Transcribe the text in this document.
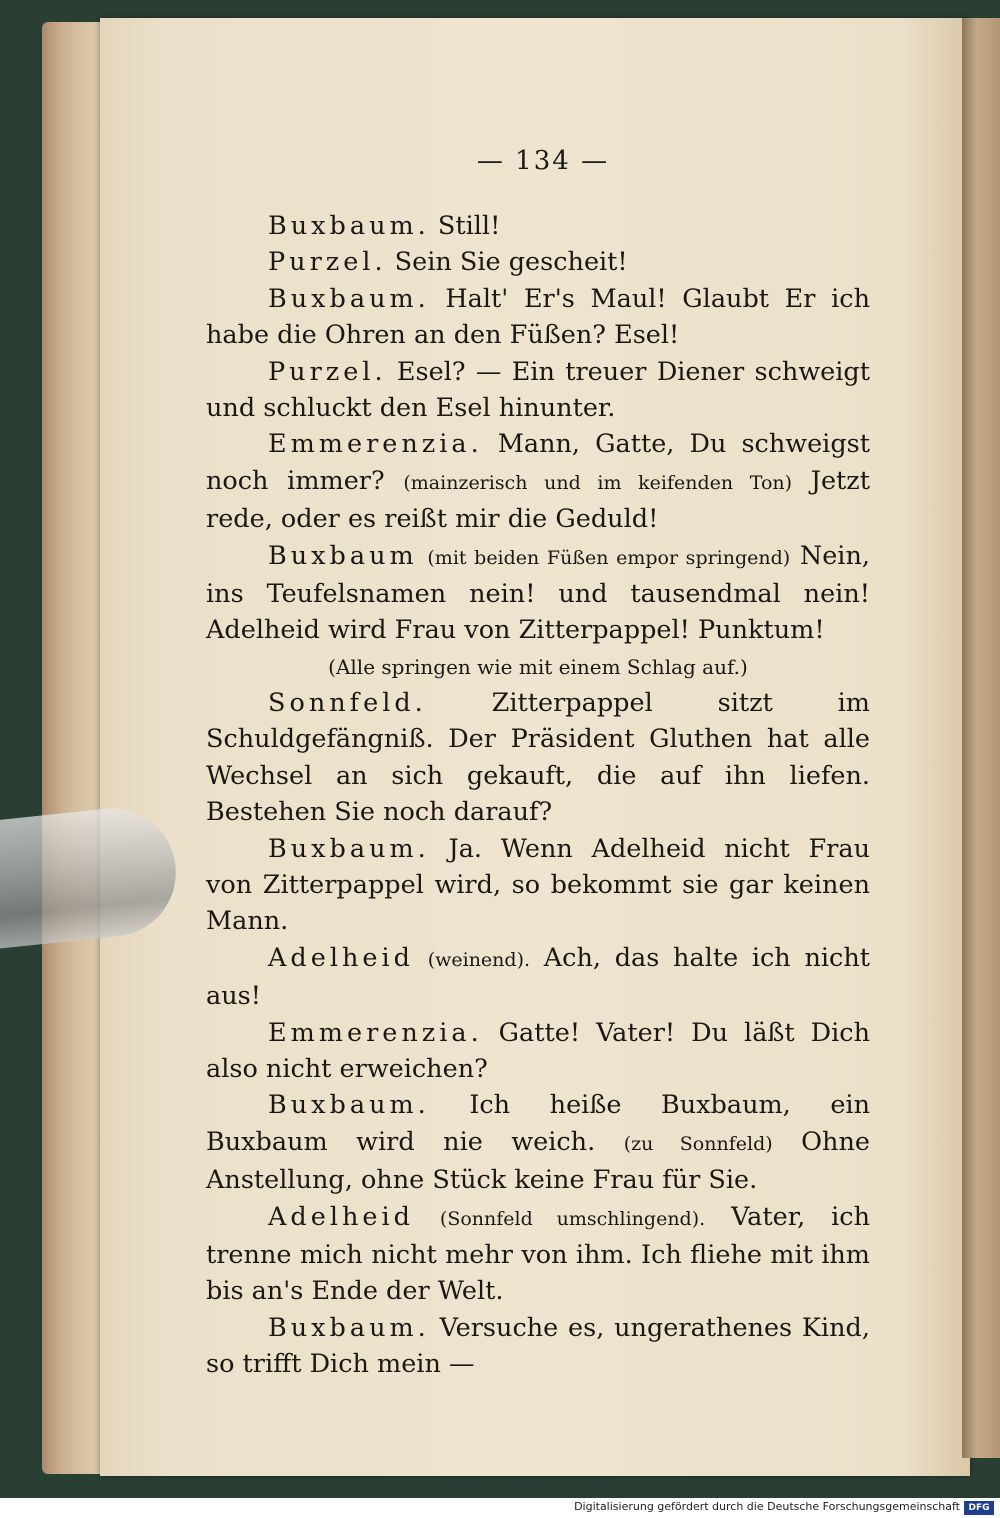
— 134 —

Buxbaum. Still!

Purzel. Sein Sie gescheit!

Buxbaum. Halt' Er's Maul! Glaubt Er ich habe die Ohren an den Füßen? Esel!

Purzel. Esel? — Ein treuer Diener schweigt und schluckt den Esel hinunter.

Emmerenzia. Mann, Gatte, Du schweigst noch immer? (mainzerisch und im keifenden Ton) Jetzt rede, oder es reißt mir die Geduld!

Buxbaum (mit beiden Füßen empor springend) Nein, ins Teufelsnamen nein! und tausendmal nein! Adelheid wird Frau von Zitterpappel! Punktum!

(Alle springen wie mit einem Schlag auf.)

Sonnfeld. Zitterpappel sitzt im Schuldgefängniß. Der Präsident Gluthen hat alle Wechsel an sich gekauft, die auf ihn liefen. Bestehen Sie noch darauf?

Buxbaum. Ja. Wenn Adelheid nicht Frau von Zitterpappel wird, so bekommt sie gar keinen Mann.

Adelheid (weinend). Ach, das halte ich nicht aus!

Emmerenzia. Gatte! Vater! Du läßt Dich also nicht erweichen?

Buxbaum. Ich heiße Buxbaum, ein Buxbaum wird nie weich. (zu Sonnfeld) Ohne Anstellung, ohne Stück keine Frau für Sie.

Adelheid (Sonnfeld umschlingend). Vater, ich trenne mich nicht mehr von ihm. Ich fliehe mit ihm bis an's Ende der Welt.

Buxbaum. Versuche es, ungerathenes Kind, so trifft Dich mein —

Digitalisierung gefördert durch die Deutsche Forschungsgemeinschaft DFG
